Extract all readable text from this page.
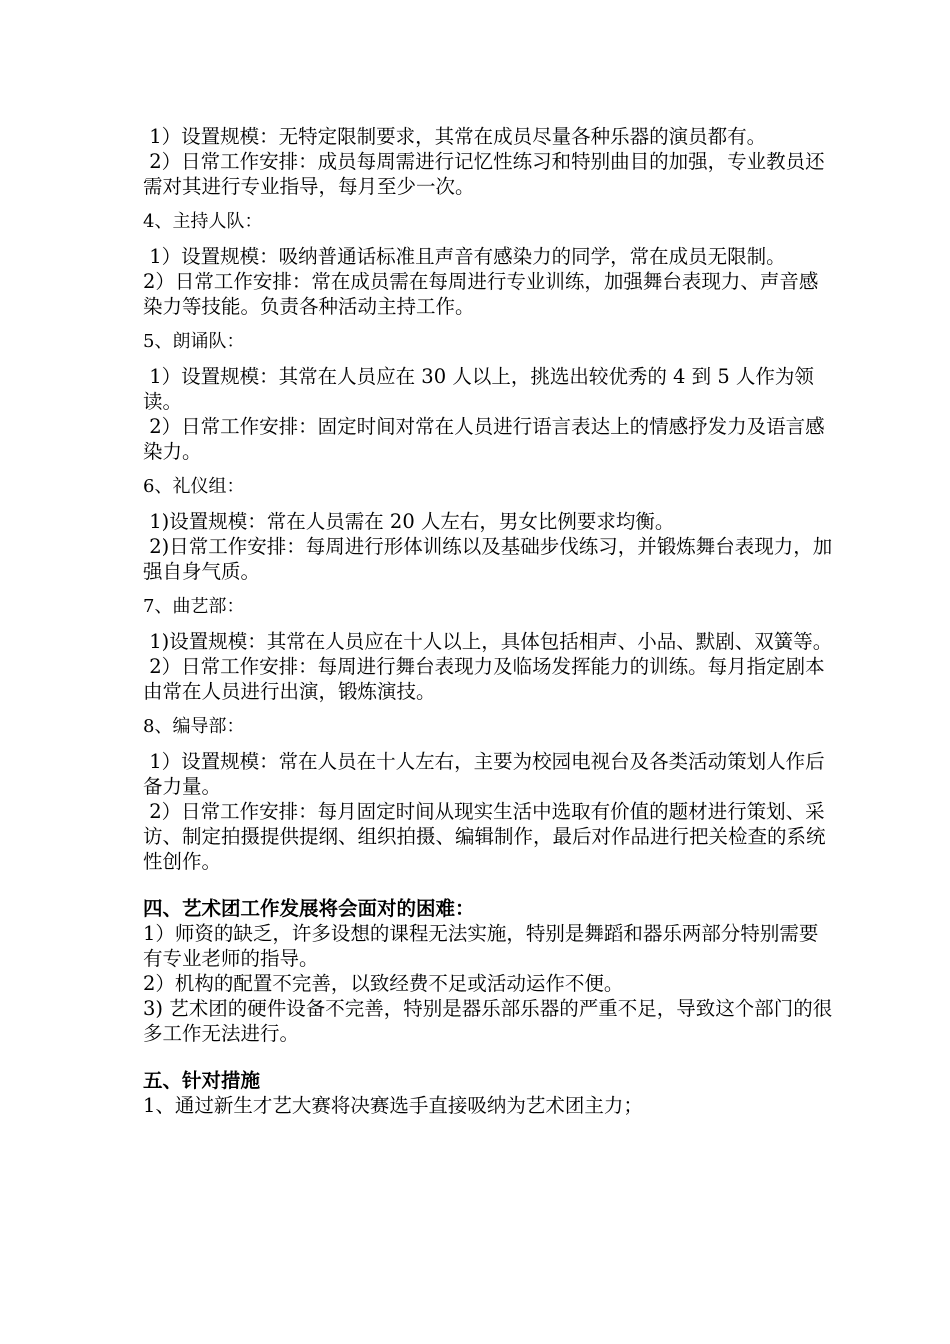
1）设置规模：无特定限制要求，其常在成员尽量各种乐器的演员都有。

2）日常工作安排：成员每周需进行记忆性练习和特别曲目的加强，专业教员还需对其进行专业指导，每月至少一次。

4、主持人队：

1）设置规模：吸纳普通话标准且声音有感染力的同学，常在成员无限制。

2）日常工作安排：常在成员需在每周进行专业训练，加强舞台表现力、声音感染力等技能。负责各种活动主持工作。

5、朗诵队：

1）设置规模：其常在人员应在 30 人以上，挑选出较优秀的 4 到 5 人作为领读。

2）日常工作安排：固定时间对常在人员进行语言表达上的情感抒发力及语言感染力。

6、礼仪组：

1)设置规模：常在人员需在 20 人左右，男女比例要求均衡。

2)日常工作安排：每周进行形体训练以及基础步伐练习，并锻炼舞台表现力，加强自身气质。

7、曲艺部：

1)设置规模：其常在人员应在十人以上，具体包括相声、小品、默剧、双簧等。

2）日常工作安排：每周进行舞台表现力及临场发挥能力的训练。每月指定剧本由常在人员进行出演，锻炼演技。

8、编导部：

1）设置规模：常在人员在十人左右，主要为校园电视台及各类活动策划人作后备力量。

2）日常工作安排：每月固定时间从现实生活中选取有价值的题材进行策划、采访、制定拍摄提供提纲、组织拍摄、编辑制作，最后对作品进行把关检查的系统性创作。

四、艺术团工作发展将会面对的困难：

1）师资的缺乏，许多设想的课程无法实施，特别是舞蹈和器乐两部分特别需要有专业老师的指导。

2）机构的配置不完善，以致经费不足或活动运作不便。

3) 艺术团的硬件设备不完善，特别是器乐部乐器的严重不足，导致这个部门的很多工作无法进行。

五、针对措施

1、通过新生才艺大赛将决赛选手直接吸纳为艺术团主力；
